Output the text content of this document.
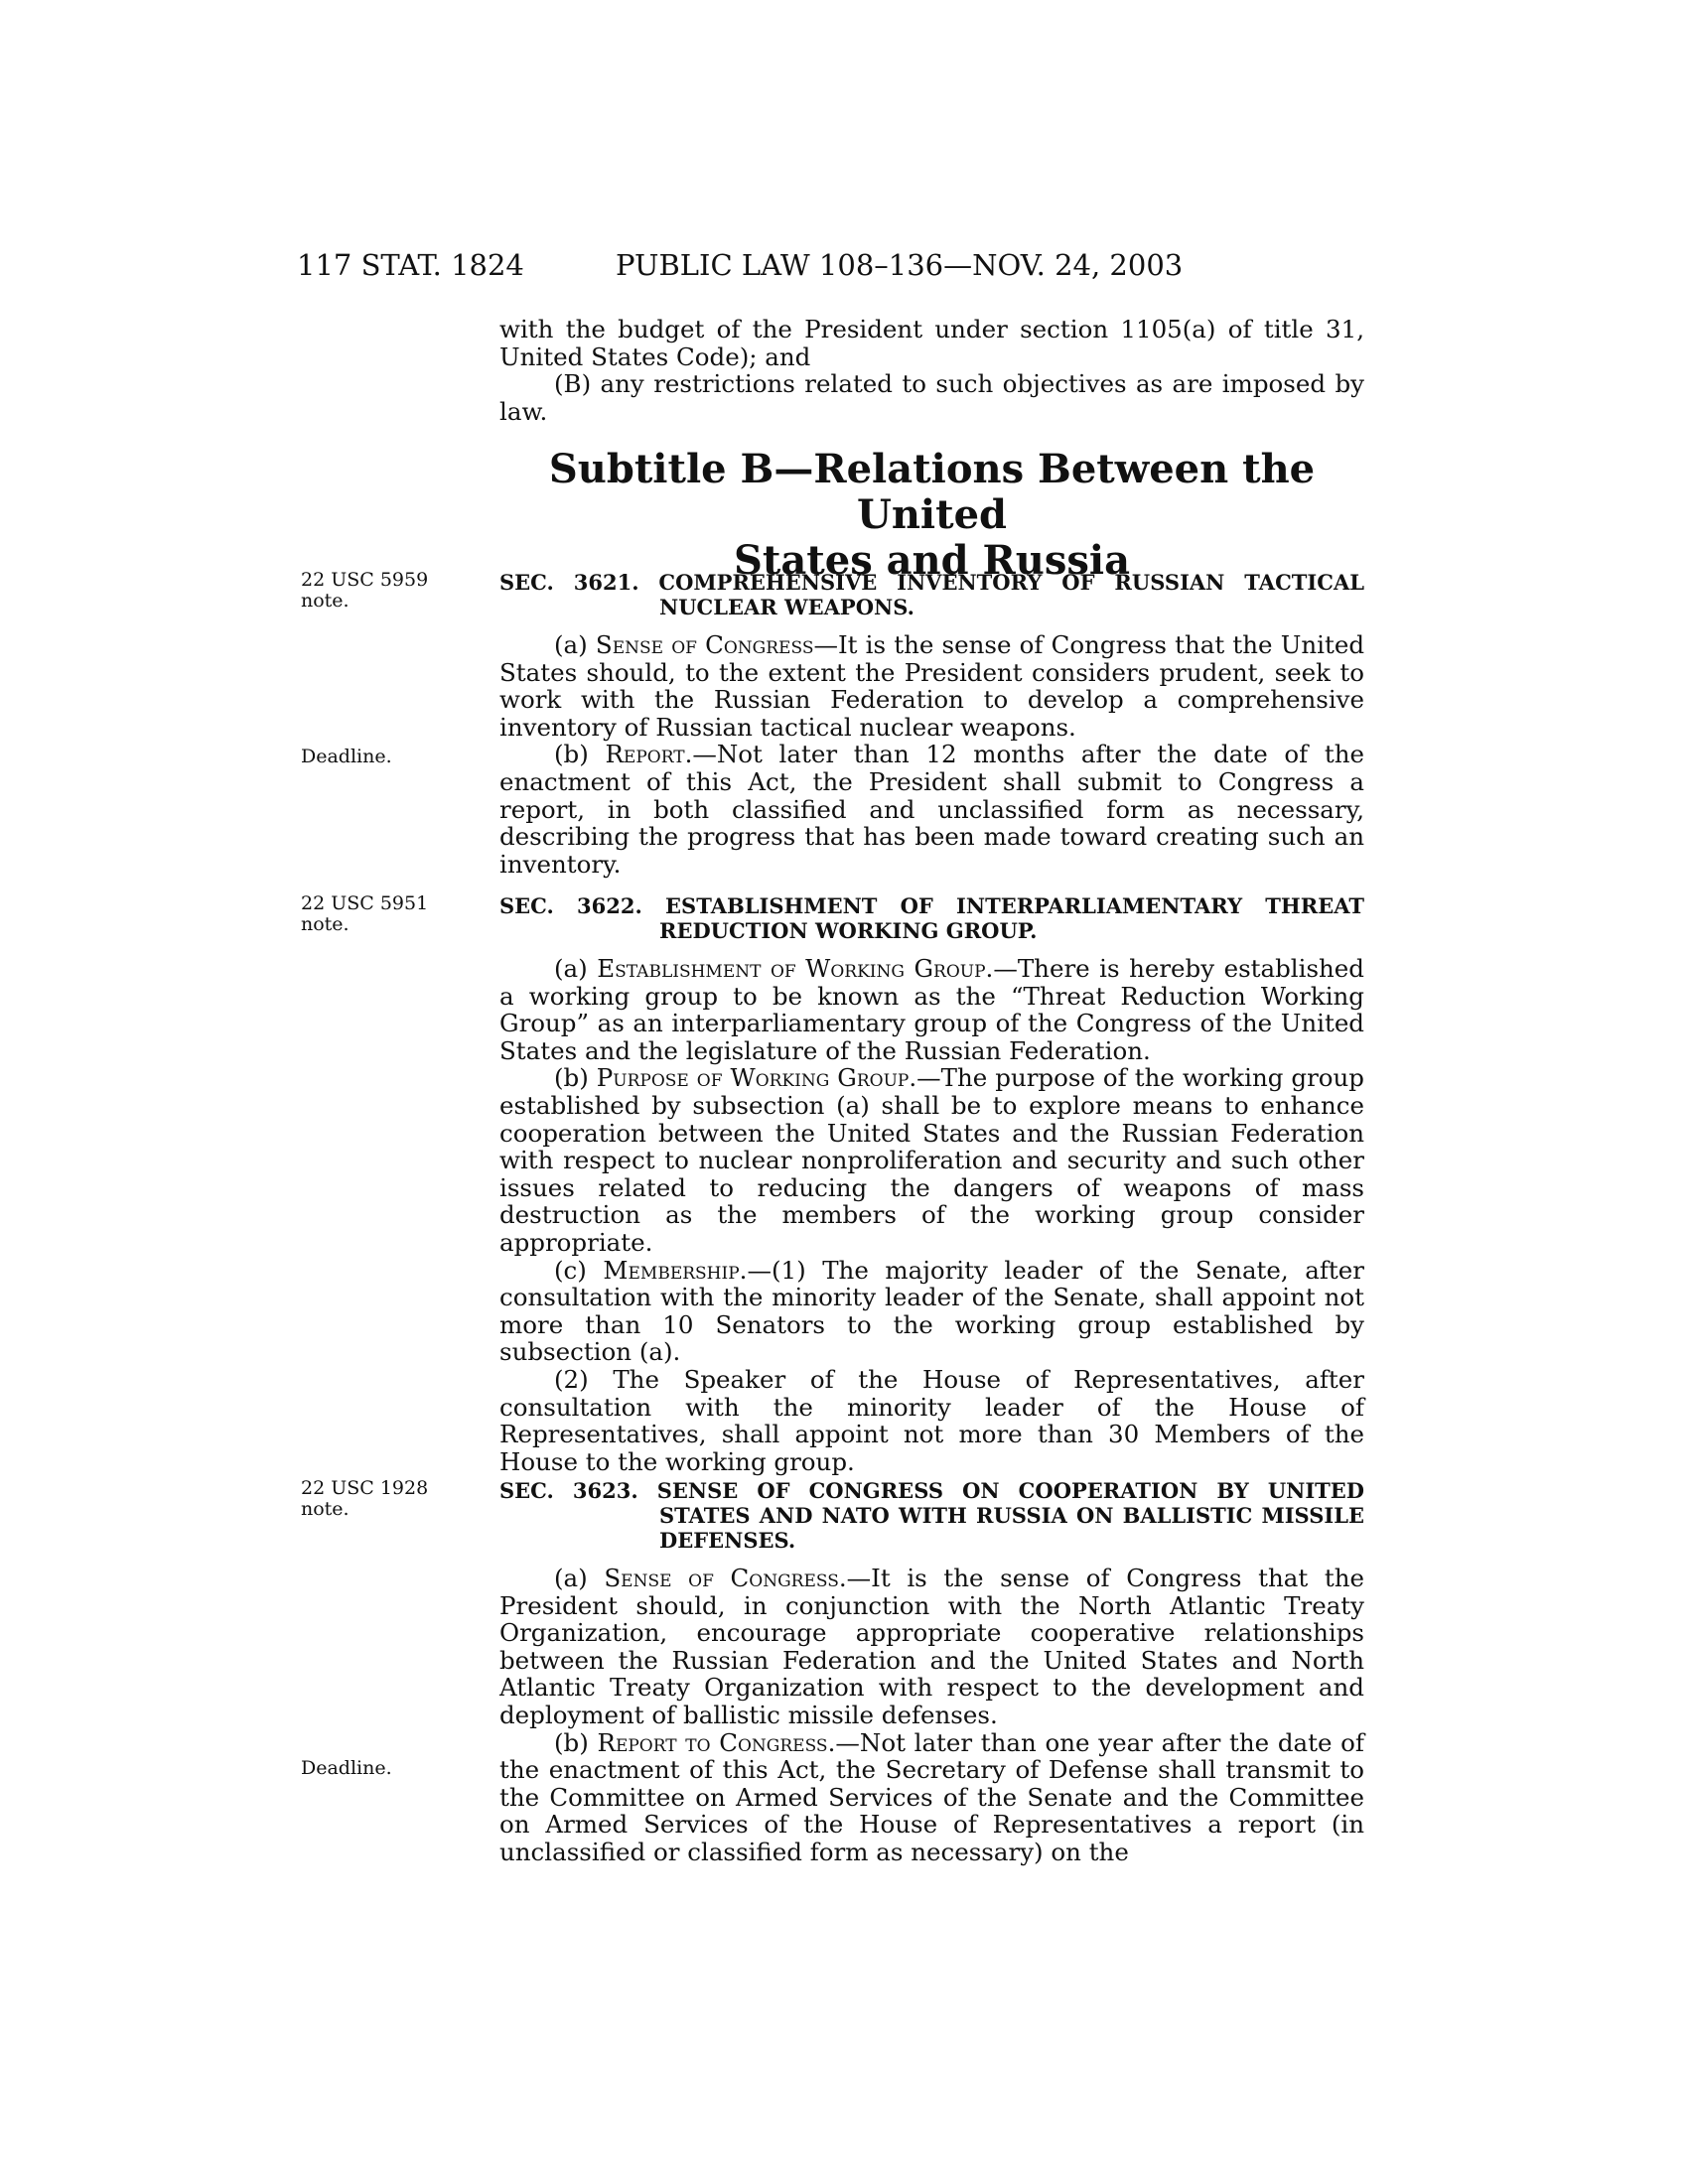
117 STAT. 1824	PUBLIC LAW 108–136—NOV. 24, 2003

with the budget of the President under section 1105(a) of title 31, United States Code); and

(B) any restrictions related to such objectives as are imposed by law.

Subtitle B—Relations Between the United
States and Russia
22 USC 5959
note.
Deadline.
22 USC 5951
note.
22 USC 1928
note.
Deadline.
SEC. 3621. COMPREHENSIVE INVENTORY OF RUSSIAN TACTICAL NUCLEAR WEAPONS.

(a) Sense of Congress—It is the sense of Congress that the United States should, to the extent the President considers prudent, seek to work with the Russian Federation to develop a comprehensive inventory of Russian tactical nuclear weapons.

(b) Report.—Not later than 12 months after the date of the enactment of this Act, the President shall submit to Congress a report, in both classified and unclassified form as necessary, describing the progress that has been made toward creating such an inventory.

SEC. 3622. ESTABLISHMENT OF INTERPARLIAMENTARY THREAT REDUCTION WORKING GROUP.

(a) Establishment of Working Group.—There is hereby established a working group to be known as the “Threat Reduction Working Group” as an interparliamentary group of the Congress of the United States and the legislature of the Russian Federation.

(b) Purpose of Working Group.—The purpose of the working group established by subsection (a) shall be to explore means to enhance cooperation between the United States and the Russian Federation with respect to nuclear nonproliferation and security and such other issues related to reducing the dangers of weapons of mass destruction as the members of the working group consider appropriate.

(c) Membership.—(1) The majority leader of the Senate, after consultation with the minority leader of the Senate, shall appoint not more than 10 Senators to the working group established by subsection (a).

(2) The Speaker of the House of Representatives, after consultation with the minority leader of the House of Representatives, shall appoint not more than 30 Members of the House to the working group.

SEC. 3623. SENSE OF CONGRESS ON COOPERATION BY UNITED STATES AND NATO WITH RUSSIA ON BALLISTIC MISSILE DEFENSES.

(a) Sense of Congress.—It is the sense of Congress that the President should, in conjunction with the North Atlantic Treaty Organization, encourage appropriate cooperative relationships between the Russian Federation and the United States and North Atlantic Treaty Organization with respect to the development and deployment of ballistic missile defenses.

(b) Report to Congress.—Not later than one year after the date of the enactment of this Act, the Secretary of Defense shall transmit to the Committee on Armed Services of the Senate and the Committee on Armed Services of the House of Representatives a report (in unclassified or classified form as necessary) on the
